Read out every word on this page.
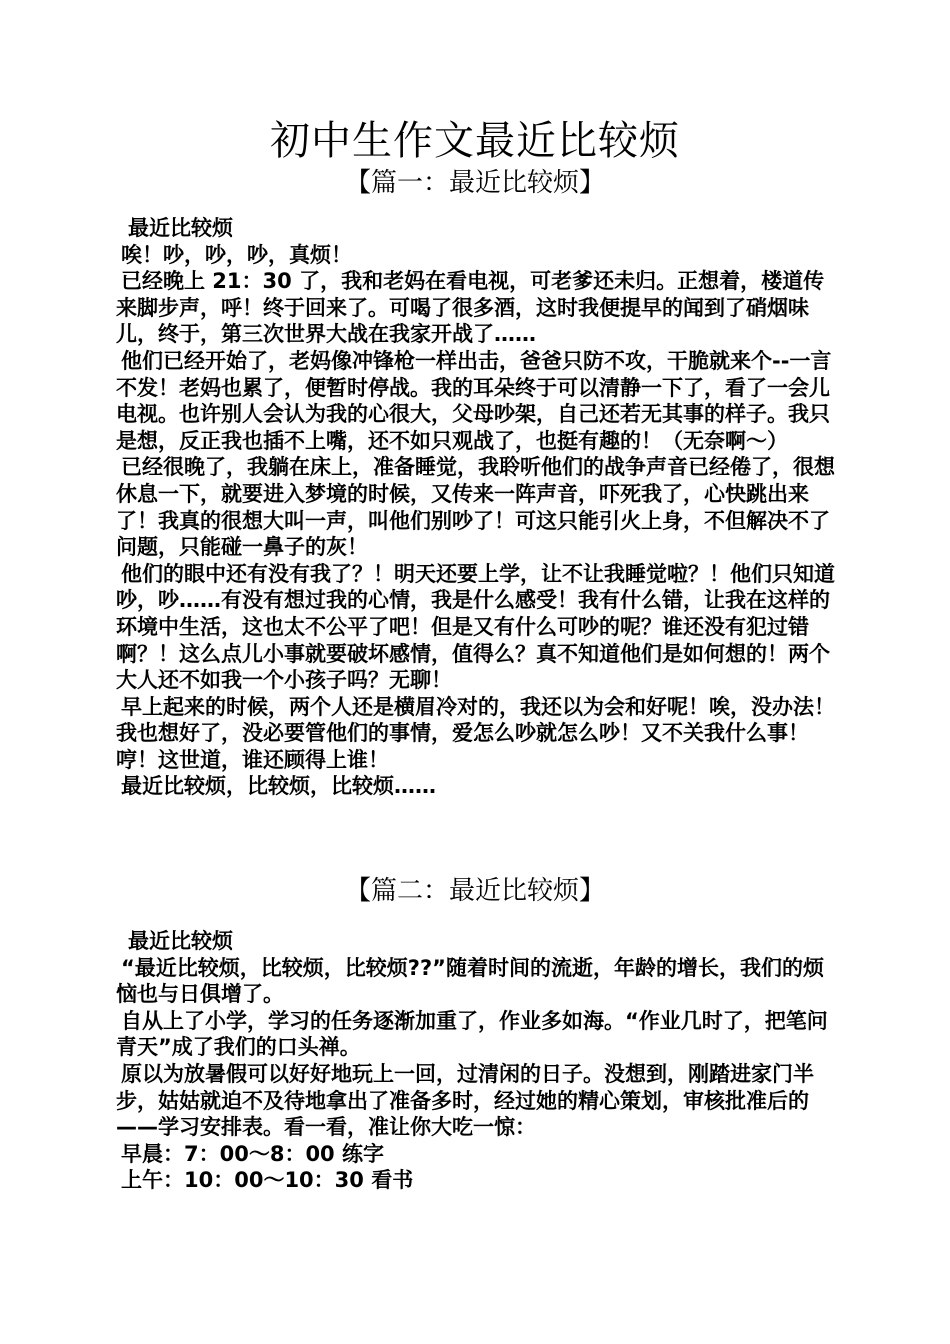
初中生作文最近比较烦
【篇一：最近比较烦】

最近比较烦

唉！吵，吵，吵，真烦！

已经晚上 21：30 了，我和老妈在看电视，可老爹还未归。正想着，楼道传来脚步声，呼！终于回来了。可喝了很多酒，这时我便提早的闻到了硝烟味儿，终于，第三次世界大战在我家开战了……

他们已经开始了，老妈像冲锋枪一样出击，爸爸只防不攻，干脆就来个--一言不发！老妈也累了，便暂时停战。我的耳朵终于可以清静一下了，看了一会儿电视。也许别人会认为我的心很大，父母吵架，自己还若无其事的样子。我只是想，反正我也插不上嘴，还不如只观战了，也挺有趣的！（无奈啊～）

已经很晚了，我躺在床上，准备睡觉，我聆听他们的战争声音已经倦了，很想休息一下，就要进入梦境的时候，又传来一阵声音，吓死我了，心快跳出来了！我真的很想大叫一声，叫他们别吵了！可这只能引火上身，不但解决不了问题，只能碰一鼻子的灰！

他们的眼中还有没有我了？！明天还要上学，让不让我睡觉啦？！他们只知道吵，吵……有没有想过我的心情，我是什么感受！我有什么错，让我在这样的环境中生活，这也太不公平了吧！但是又有什么可吵的呢？谁还没有犯过错啊？！这么点儿小事就要破坏感情，值得么？真不知道他们是如何想的！两个大人还不如我一个小孩子吗？无聊！

早上起来的时候，两个人还是横眉冷对的，我还以为会和好呢！唉，没办法！我也想好了，没必要管他们的事情，爱怎么吵就怎么吵！又不关我什么事！哼！这世道，谁还顾得上谁！

最近比较烦，比较烦，比较烦……

【篇二：最近比较烦】

最近比较烦

“最近比较烦，比较烦，比较烦??”随着时间的流逝，年龄的增长，我们的烦恼也与日俱增了。

自从上了小学，学习的任务逐渐加重了，作业多如海。“作业几时了，把笔问青天”成了我们的口头禅。

原以为放暑假可以好好地玩上一回，过清闲的日子。没想到，刚踏进家门半步，姑姑就迫不及待地拿出了准备多时，经过她的精心策划，审核批准后的——学习安排表。看一看，准让你大吃一惊：

早晨：7：00～8：00 练字

上午：10：00～10：30 看书
